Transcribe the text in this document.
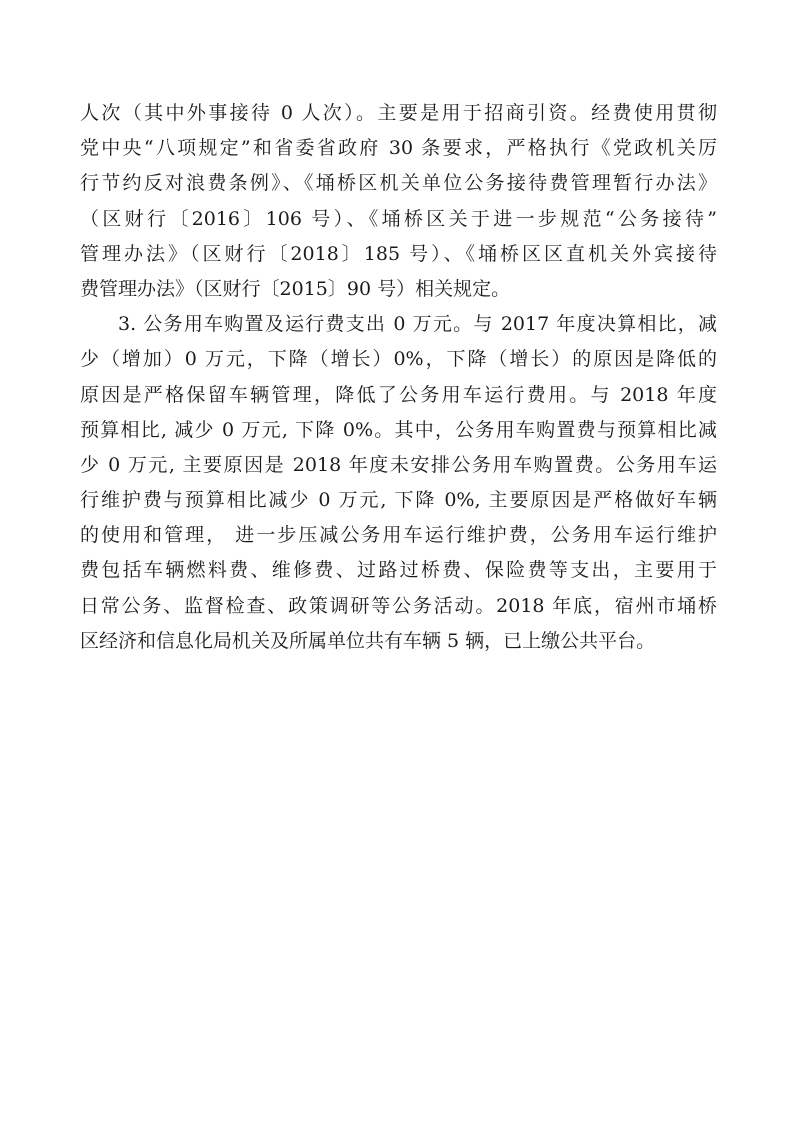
人次（其中外事接待 0 人次）。主要是用于招商引资。经费使用贯彻
党中央“八项规定”和省委省政府 30 条要求，严格执行《党政机关厉
行节约反对浪费条例》、《埇桥区机关单位公务接待费管理暂行办法》
（区财行〔2016〕106 号）、《埇桥区关于进一步规范“公务接待”
管理办法》（区财行〔2018〕185 号）、《埇桥区区直机关外宾接待
费管理办法》（区财行〔2015〕90 号）相关规定。
3. 公务用车购置及运行费支出 0 万元。与 2017 年度决算相比，减
少（增加）0 万元，下降（增长）0%，下降（增长）的原因是降低的
原因是严格保留车辆管理，降低了公务用车运行费用。与 2018 年度
预算相比, 减少 0 万元, 下降 0%。其中，公务用车购置费与预算相比减
少 0 万元, 主要原因是 2018 年度未安排公务用车购置费。公务用车运
行维护费与预算相比减少 0 万元, 下降 0%, 主要原因是严格做好车辆
的使用和管理， 进一步压减公务用车运行维护费，公务用车运行维护
费包括车辆燃料费、维修费、过路过桥费、保险费等支出，主要用于
日常公务、监督检查、政策调研等公务活动。2018 年底，宿州市埇桥
区经济和信息化局机关及所属单位共有车辆 5 辆，已上缴公共平台。
